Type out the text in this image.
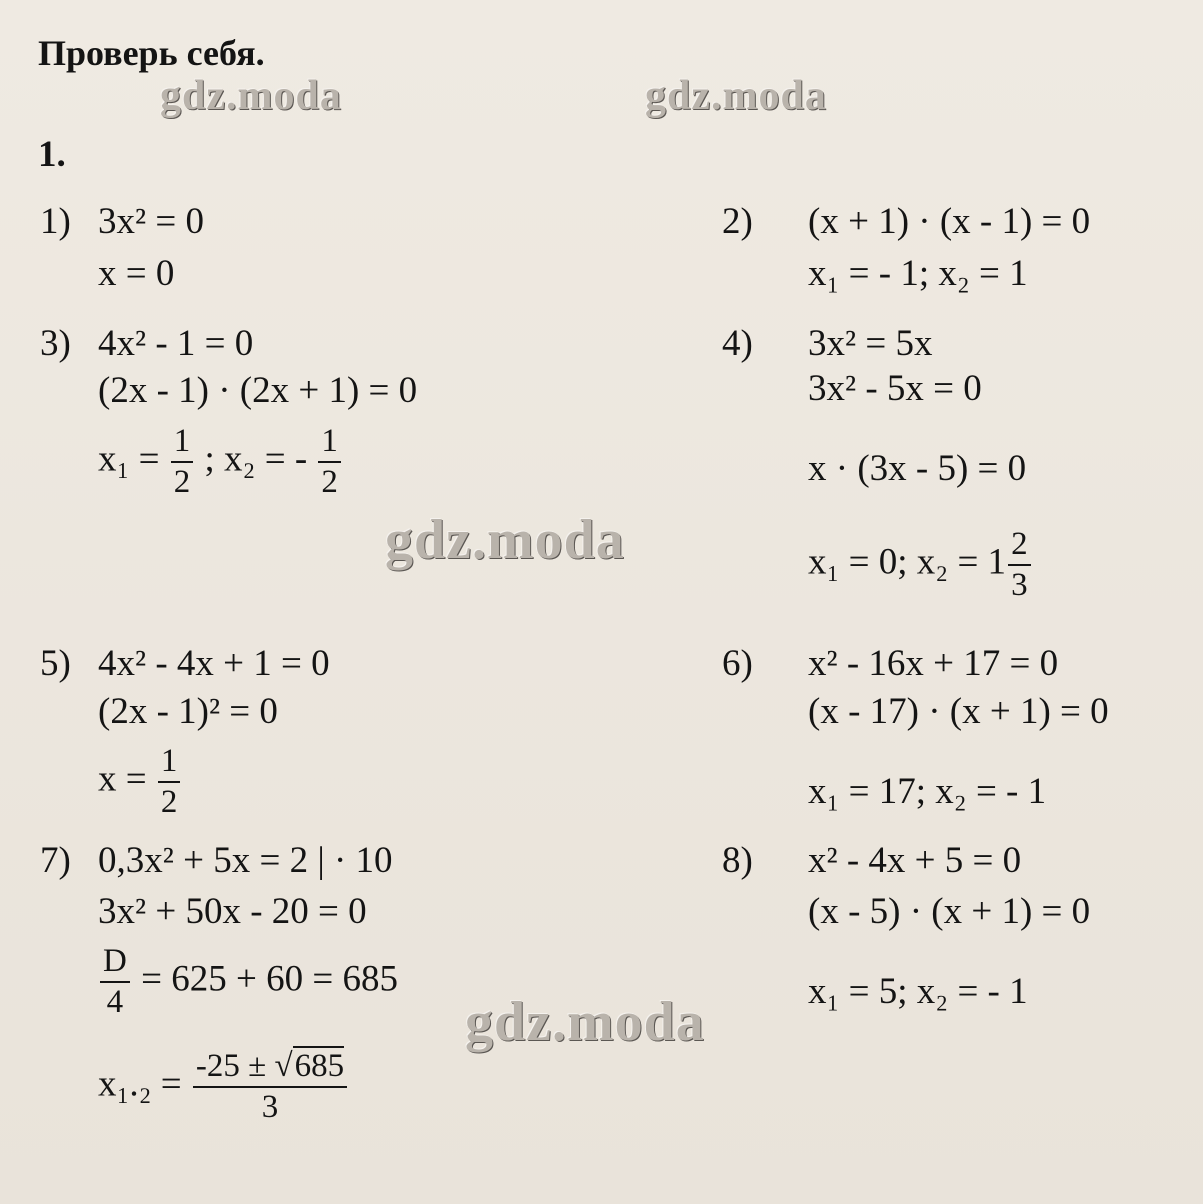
Проверь себя.
1.
gdz.moda	gdz.moda
gdz.moda
gdz.moda
1) 3x² = 0
x = 0
2) (x + 1) · (x - 1) = 0
x₁ = - 1; x₂ = 1
3) 4x² - 1 = 0
(2x - 1) · (2x + 1) = 0
$x_1 = \frac{1}{2}$ ; x₂ = - $\frac{1}{2}$
4) 3x² = 5x
3x² - 5x = 0
x · (3x - 5) = 0
x₁ = 0; $x_2 = 1 \frac{2}{3}$
5) 4x² - 4x + 1 = 0
(2x - 1)² = 0
$x = \frac{1}{2}$
6) x² - 16x + 17 = 0
(x - 17) · (x + 1) = 0
x₁ = 17; x₂ = - 1
7) 0,3x² + 5x = 2 | · 10
3x² + 50x - 20 = 0
$\frac{D}{4} = 625 + 60 = 685$
$x_1._2 = \frac{-25 \pm √685}{3}$
8) x² - 4x + 5 = 0
(x - 5) · (x + 1) = 0
x₁ = 5; x₂ = - 1
